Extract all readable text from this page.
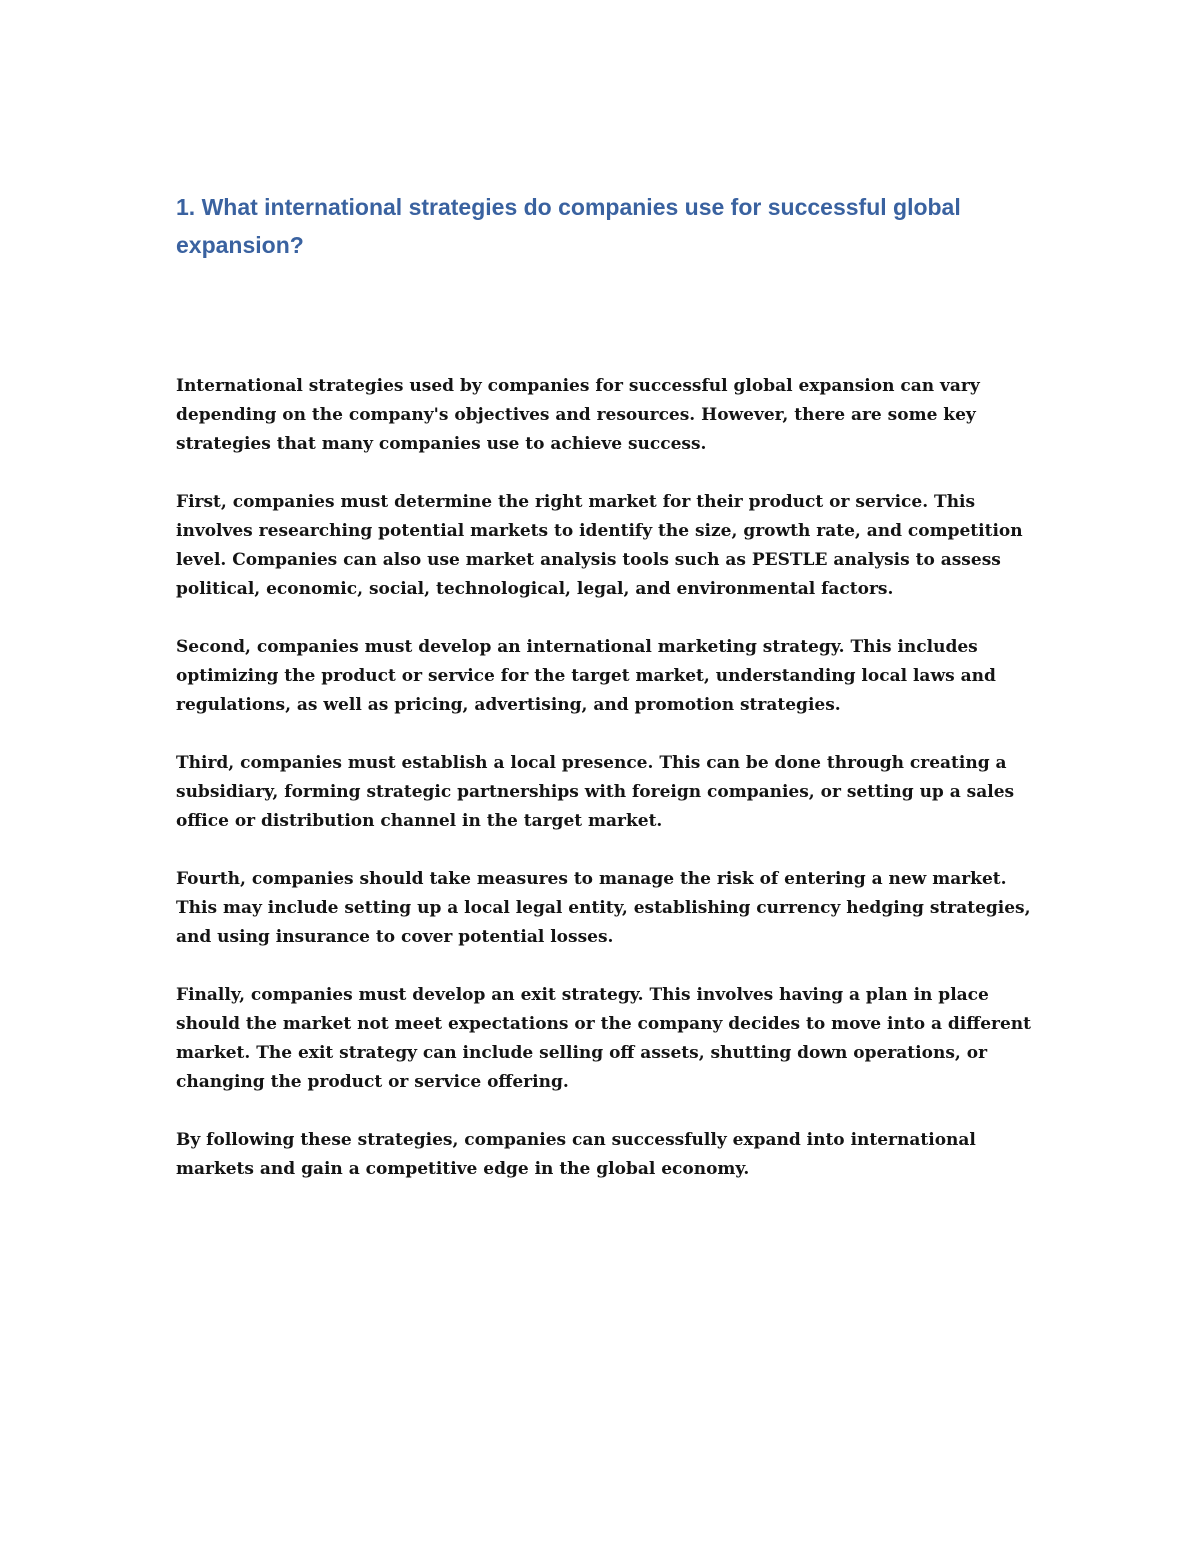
1. What international strategies do companies use for successful global expansion?

International strategies used by companies for successful global expansion can vary depending on the company's objectives and resources. However, there are some key strategies that many companies use to achieve success.

First, companies must determine the right market for their product or service. This involves researching potential markets to identify the size, growth rate, and competition level. Companies can also use market analysis tools such as PESTLE analysis to assess political, economic, social, technological, legal, and environmental factors.

Second, companies must develop an international marketing strategy. This includes optimizing the product or service for the target market, understanding local laws and regulations, as well as pricing, advertising, and promotion strategies.

Third, companies must establish a local presence. This can be done through creating a subsidiary, forming strategic partnerships with foreign companies, or setting up a sales office or distribution channel in the target market.

Fourth, companies should take measures to manage the risk of entering a new market. This may include setting up a local legal entity, establishing currency hedging strategies, and using insurance to cover potential losses.

Finally, companies must develop an exit strategy. This involves having a plan in place should the market not meet expectations or the company decides to move into a different market. The exit strategy can include selling off assets, shutting down operations, or changing the product or service offering.

By following these strategies, companies can successfully expand into international markets and gain a competitive edge in the global economy.
